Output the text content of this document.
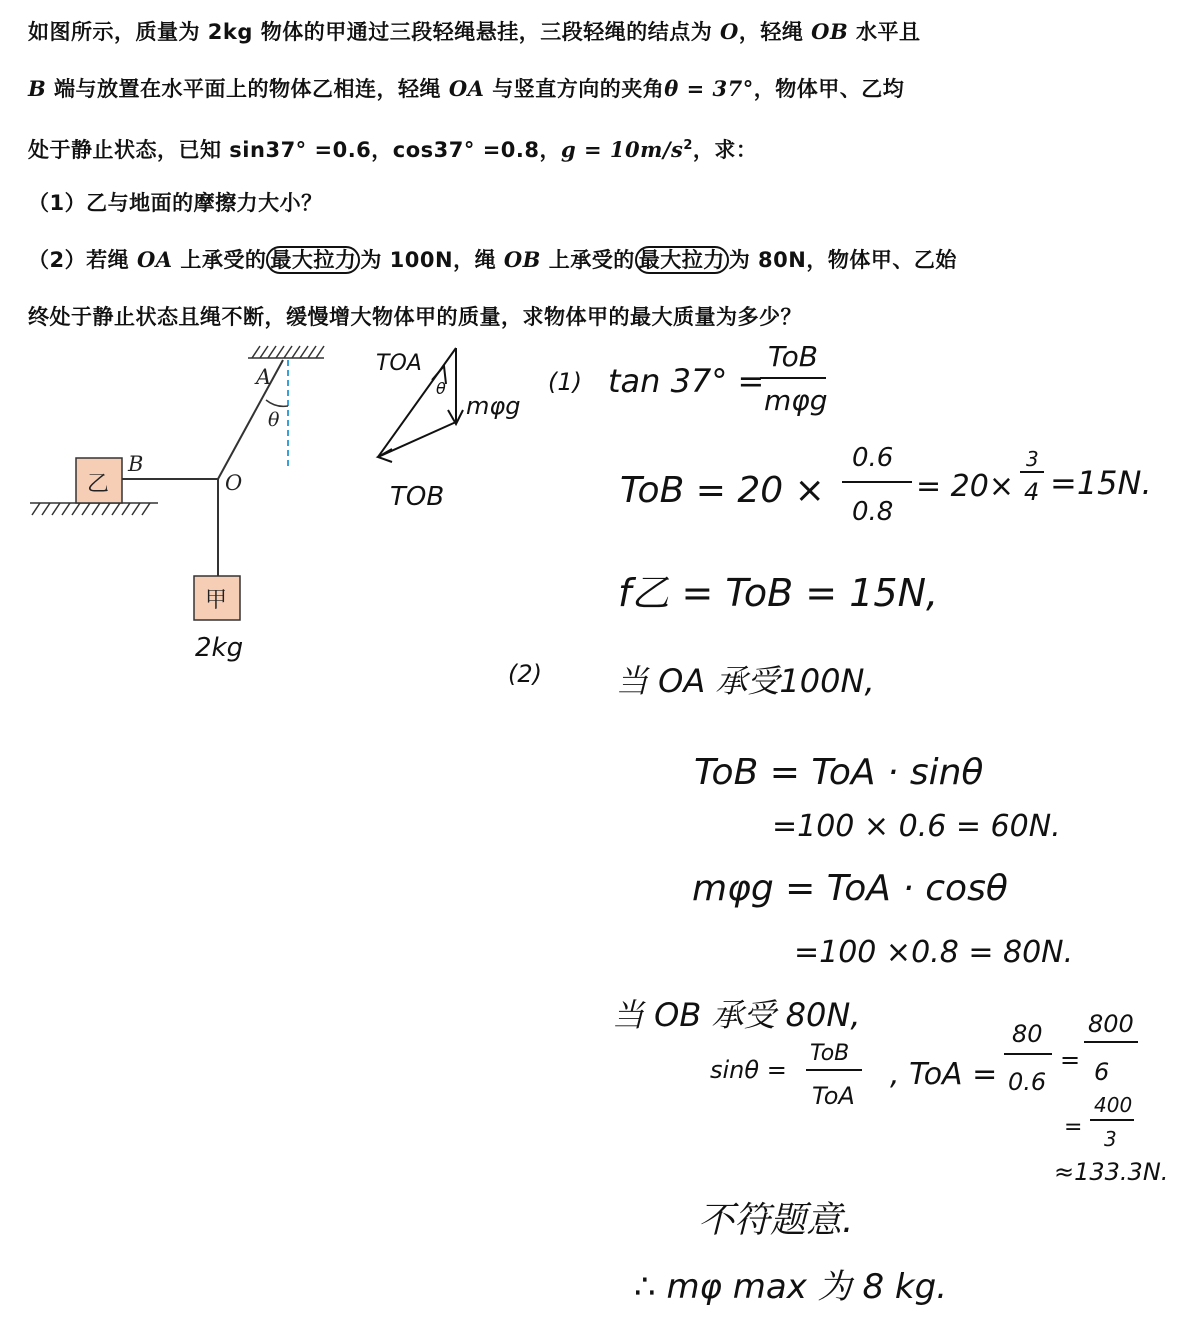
如图所示，质量为 2kg 物体的甲通过三段轻绳悬挂，三段轻绳的结点为 O，轻绳 OB 水平且
B 端与放置在水平面上的物体乙相连，轻绳 OA 与竖直方向的夹角θ = 37°，物体甲、乙均
处于静止状态，已知 sin37° =0.6，cos37° =0.8，$g = 10m/s^2$，求：
（1）乙与地面的摩擦力大小？
（2）若绳 OA 上承受的 最大拉力 为 100N，绳 OB 上承受的 最大拉力 为 80N，物体甲、乙始
终处于静止状态且绳不断，缓慢增大物体甲的质量，求物体甲的最大质量为多少？
乙
甲
A
B
O
θ
2kg
TOA
θ
mφg
TOB
(1) tan 37° =
ToB
mφg
ToB = 20 ×
0.6
0.8
= 20×
3
4 =15N.
f乙 = ToB = 15N,
(2) 当 OA 承受100N,
ToB = ToA · sinθ
=100 × 0.6 = 60N.
mφg = ToA · cosθ
=100 ×0.8 = 80N.
当 OB 承受 80N,
sinθ =
ToB
ToA
, ToA =
80
0.6
=
800
6
=
400
3
≈133.3N.
不符题意.
∴ mφ max 为 8 kg.
